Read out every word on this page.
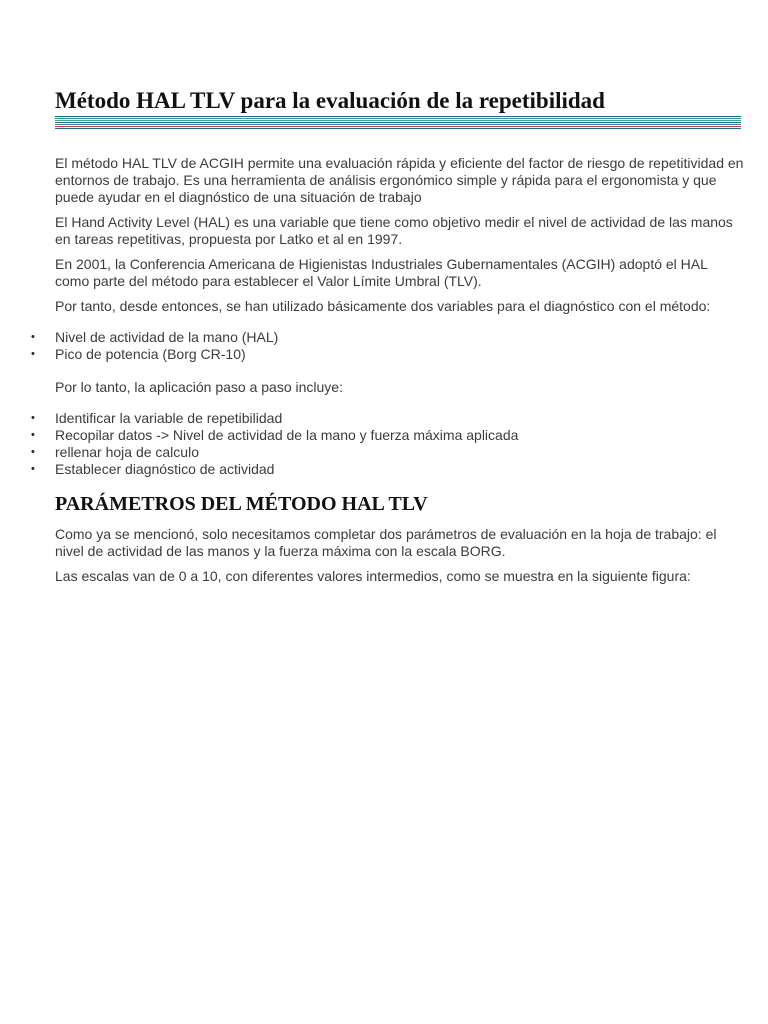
Método HAL TLV para la evaluación de la repetibilidad

El método HAL TLV de ACGIH permite una evaluación rápida y eficiente del factor de riesgo de repetitividad en entornos de trabajo. Es una herramienta de análisis ergonómico simple y rápida para el ergonomista y que puede ayudar en el diagnóstico de una situación de trabajo

El Hand Activity Level (HAL) es una variable que tiene como objetivo medir el nivel de actividad de las manos en tareas repetitivas, propuesta por Latko et al en 1997.

En 2001, la Conferencia Americana de Higienistas Industriales Gubernamentales (ACGIH) adoptó el HAL como parte del método para establecer el Valor Límite Umbral (TLV).

Por tanto, desde entonces, se han utilizado básicamente dos variables para el diagnóstico con el método:

• Nivel de actividad de la mano (HAL)
• Pico de potencia (Borg CR-10)

Por lo tanto, la aplicación paso a paso incluye:

• Identificar la variable de repetibilidad
• Recopilar datos -> Nivel de actividad de la mano y fuerza máxima aplicada
• rellenar hoja de calculo
• Establecer diagnóstico de actividad
PARÁMETROS DEL MÉTODO HAL TLV

Como ya se mencionó, solo necesitamos completar dos parámetros de evaluación en la hoja de trabajo: el nivel de actividad de las manos y la fuerza máxima con la escala BORG.

Las escalas van de 0 a 10, con diferentes valores intermedios, como se muestra en la siguiente figura:
